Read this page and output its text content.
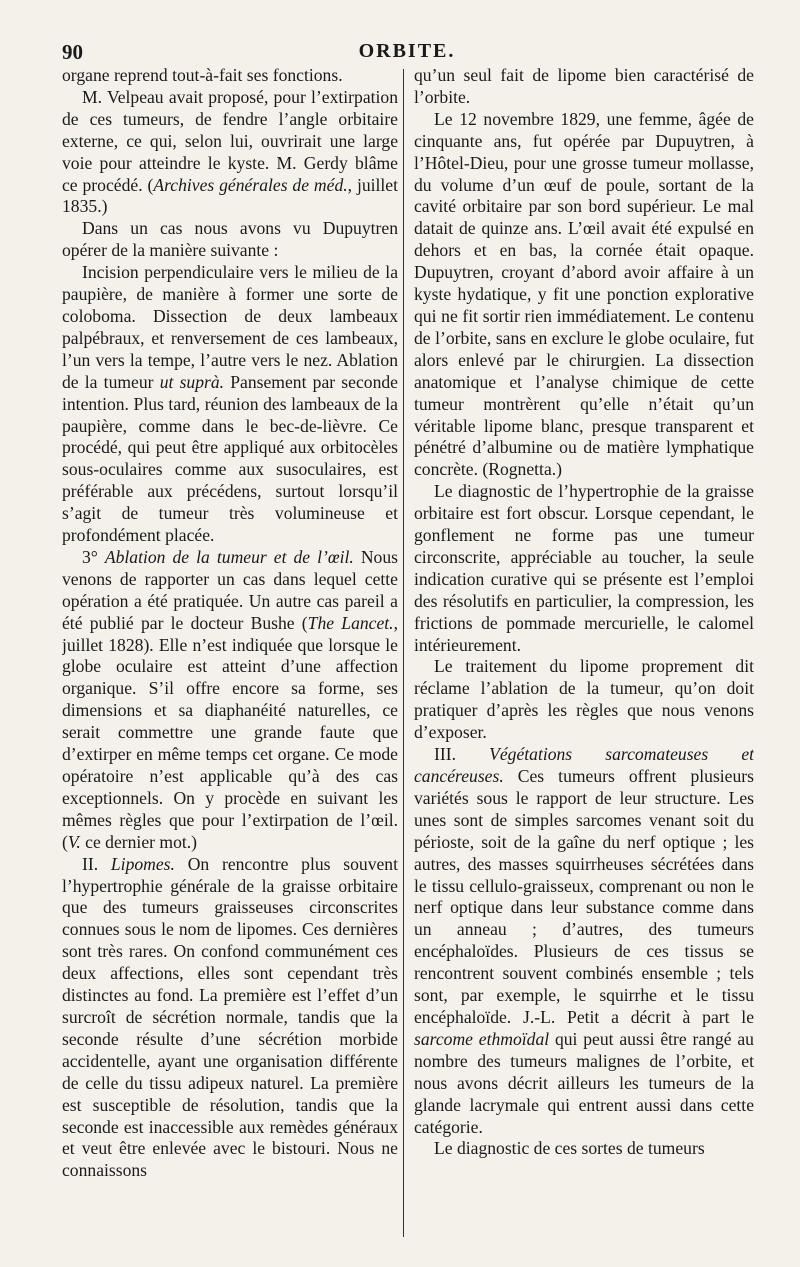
90	ORBITE.

organe reprend tout-à-fait ses fonctions.

M. Velpeau avait proposé, pour l’extirpation de ces tumeurs, de fendre l’angle orbitaire externe, ce qui, selon lui, ouvrirait une large voie pour atteindre le kyste. M. Gerdy blâme ce procédé. (Archives générales de méd., juillet 1835.)

Dans un cas nous avons vu Dupuytren opérer de la manière suivante :

Incision perpendiculaire vers le milieu de la paupière, de manière à former une sorte de coloboma. Dissection de deux lambeaux palpébraux, et renversement de ces lambeaux, l’un vers la tempe, l’autre vers le nez. Ablation de la tumeur ut suprà. Pansement par seconde intention. Plus tard, réunion des lambeaux de la paupière, comme dans le bec-de-lièvre. Ce procédé, qui peut être appliqué aux orbitocèles sous-oculaires comme aux susoculaires, est préférable aux précédens, surtout lorsqu’il s’agit de tumeur très volumineuse et profondément placée.

3° Ablation de la tumeur et de l’œil. Nous venons de rapporter un cas dans lequel cette opération a été pratiquée. Un autre cas pareil a été publié par le docteur Bushe (The Lancet., juillet 1828). Elle n’est indiquée que lorsque le globe oculaire est atteint d’une affection organique. S’il offre encore sa forme, ses dimensions et sa diaphanéité naturelles, ce serait commettre une grande faute que d’extirper en même temps cet organe. Ce mode opératoire n’est applicable qu’à des cas exceptionnels. On y procède en suivant les mêmes règles que pour l’extirpation de l’œil. (V. ce dernier mot.)

II. Lipomes. On rencontre plus souvent l’hypertrophie générale de la graisse orbitaire que des tumeurs graisseuses circonscrites connues sous le nom de lipomes. Ces dernières sont très rares. On confond communément ces deux affections, elles sont cependant très distinctes au fond. La première est l’effet d’un surcroît de sécrétion normale, tandis que la seconde résulte d’une sécrétion morbide accidentelle, ayant une organisation différente de celle du tissu adipeux naturel. La première est susceptible de résolution, tandis que la seconde est inaccessible aux remèdes généraux et veut être enlevée avec le bistouri. Nous ne connaissons

qu’un seul fait de lipome bien caractérisé de l’orbite.

Le 12 novembre 1829, une femme, âgée de cinquante ans, fut opérée par Dupuytren, à l’Hôtel-Dieu, pour une grosse tumeur mollasse, du volume d’un œuf de poule, sortant de la cavité orbitaire par son bord supérieur. Le mal datait de quinze ans. L’œil avait été expulsé en dehors et en bas, la cornée était opaque. Dupuytren, croyant d’abord avoir affaire à un kyste hydatique, y fit une ponction explorative qui ne fit sortir rien immédiatement. Le contenu de l’orbite, sans en exclure le globe oculaire, fut alors enlevé par le chirurgien. La dissection anatomique et l’analyse chimique de cette tumeur montrèrent qu’elle n’était qu’un véritable lipome blanc, presque transparent et pénétré d’albumine ou de matière lymphatique concrète. (Rognetta.)

Le diagnostic de l’hypertrophie de la graisse orbitaire est fort obscur. Lorsque cependant, le gonflement ne forme pas une tumeur circonscrite, appréciable au toucher, la seule indication curative qui se présente est l’emploi des résolutifs en particulier, la compression, les frictions de pommade mercurielle, le calomel intérieurement.

Le traitement du lipome proprement dit réclame l’ablation de la tumeur, qu’on doit pratiquer d’après les règles que nous venons d’exposer.

III. Végétations sarcomateuses et cancéreuses. Ces tumeurs offrent plusieurs variétés sous le rapport de leur structure. Les unes sont de simples sarcomes venant soit du périoste, soit de la gaîne du nerf optique ; les autres, des masses squirrheuses sécrétées dans le tissu cellulo-graisseux, comprenant ou non le nerf optique dans leur substance comme dans un anneau ; d’autres, des tumeurs encéphaloïdes. Plusieurs de ces tissus se rencontrent souvent combinés ensemble ; tels sont, par exemple, le squirrhe et le tissu encéphaloïde. J.-L. Petit a décrit à part le sarcome ethmoïdal qui peut aussi être rangé au nombre des tumeurs malignes de l’orbite, et nous avons décrit ailleurs les tumeurs de la glande lacrymale qui entrent aussi dans cette catégorie.

Le diagnostic de ces sortes de tumeurs
